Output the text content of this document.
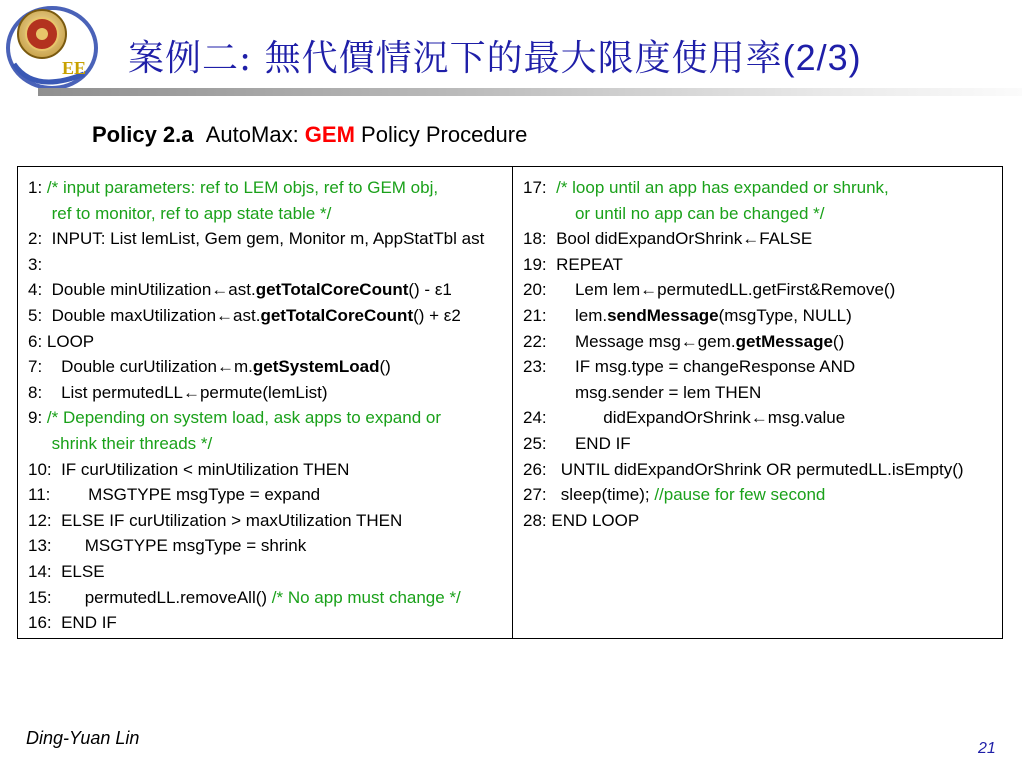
EE 案例二: 無代價情況下的最大限度使用率(2/3)
Policy 2.a AutoMax: GEM Policy Procedure
1: /* input parameters: ref to LEM objs, ref to GEM obj,
ref to monitor, ref to app state table */
2:  INPUT: List lemList, Gem gem, Monitor m, AppStatTbl ast
3:
4:  Double minUtilization←ast.getTotalCoreCount() - ε1
5:  Double maxUtilization←ast.getTotalCoreCount() + ε2
6: LOOP
7:    Double curUtilization←m.getSystemLoad()
8:    List permutedLL←permute(lemList)
9: /* Depending on system load, ask apps to expand or
shrink their threads */
10:  IF curUtilization < minUtilization THEN
11:        MSGTYPE msgType = expand
12:  ELSE IF curUtilization > maxUtilization THEN
13:       MSGTYPE msgType = shrink
14:  ELSE
15:       permutedLL.removeAll() /* No app must change */
16:  END IF
17:  /* loop until an app has expanded or shrunk,
or until no app can be changed */
18:  Bool didExpandOrShrink←FALSE
19:  REPEAT
20:      Lem lem←permutedLL.getFirst&Remove()
21:      lem.sendMessage(msgType, NULL)
22:      Message msg←gem.getMessage()
23:      IF msg.type = changeResponse AND
msg.sender = lem THEN
24:            didExpandOrShrink←msg.value
25:      END IF
26:   UNTIL didExpandOrShrink OR permutedLL.isEmpty()
27:   sleep(time); //pause for few second
28: END LOOP
Ding-Yuan Lin
21
